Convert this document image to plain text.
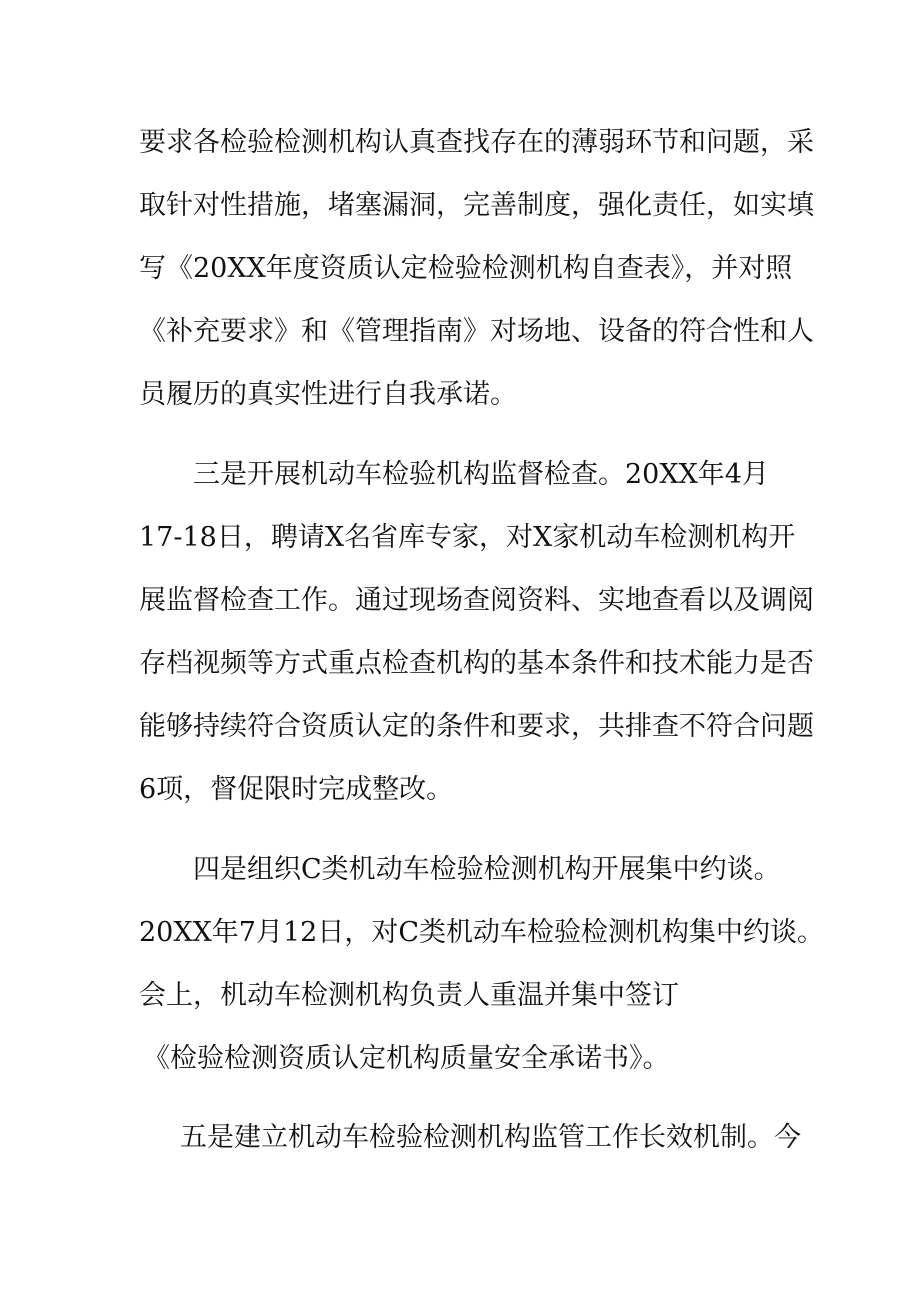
要求各检验检测机构认真查找存在的薄弱环节和问题，采
取针对性措施，堵塞漏洞，完善制度，强化责任，如实填
写《20XX年度资质认定检验检测机构自查表》，并对照
《补充要求》和《管理指南》对场地、设备的符合性和人
员履历的真实性进行自我承诺。
三是开展机动车检验机构监督检查。20XX年4月
17-18日，聘请X名省库专家，对X家机动车检测机构开
展监督检查工作。通过现场查阅资料、实地查看以及调阅
存档视频等方式重点检查机构的基本条件和技术能力是否
能够持续符合资质认定的条件和要求，共排查不符合问题
6项，督促限时完成整改。
四是组织C类机动车检验检测机构开展集中约谈。
20XX年7月12日，对C类机动车检验检测机构集中约谈。
会上，机动车检测机构负责人重温并集中签订
《检验检测资质认定机构质量安全承诺书》。
五是建立机动车检验检测机构监管工作长效机制。今
